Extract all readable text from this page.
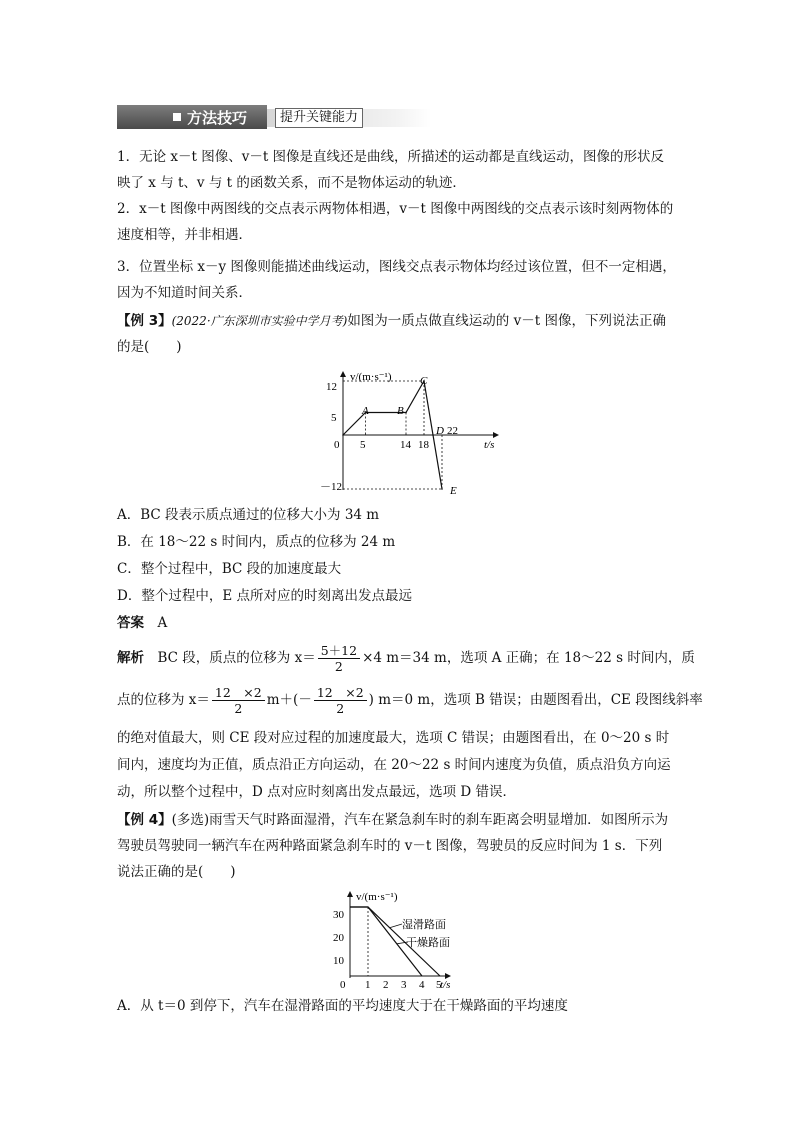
方法技巧	提升关键能力
1．无论 x－t 图像、v－t 图像是直线还是曲线，所描述的运动都是直线运动，图像的形状反
映了 x 与 t、v 与 t 的函数关系，而不是物体运动的轨迹．
2．x－t 图像中两图线的交点表示两物体相遇，v－t 图像中两图线的交点表示该时刻两物体的
速度相等，并非相遇．
3．位置坐标 x－y 图像则能描述曲线运动，图线交点表示物体均经过该位置，但不一定相遇，
因为不知道时间关系．
【例 3】(2022·广东深圳市实验中学月考)如图为一质点做直线运动的 v－t 图像，下列说法正确
的是(　　)
v/(m·s⁻¹)
t/s
12
5
0
－12
5	14 18
22
A	B
C
D
E
A．BC 段表示质点通过的位移大小为 34 m
B．在 18～22 s 时间内，质点的位移为 24 m
C．整个过程中，BC 段的加速度最大
D．整个过程中，E 点所对应的时刻离出发点最远
答案　 A
解析　 BC 段，质点的位移为 $x= \frac{5+12}{2} \times 4$ m＝34 m，选项 A 正确；在 18～22 s 时间内，质
点的位移为 $x= \frac{12 \times 2}{2} m+(- \frac{12 \times 2}{2}$ ) m＝0 m，选项 B 错误；由题图看出，CE 段图线斜率
的绝对值最大，则 CE 段对应过程的加速度最大，选项 C 错误；由题图看出，在 0～20 s 时
间内，速度均为正值，质点沿正方向运动，在 20～22 s 时间内速度为负值，质点沿负方向运
动，所以整个过程中，D 点对应时刻离出发点最远，选项 D 错误．
【例 4】(多选)雨雪天气时路面湿滑，汽车在紧急刹车时的刹车距离会明显增加．如图所示为
驾驶员驾驶同一辆汽车在两种路面紧急刹车时的 v－t 图像，驾驶员的反应时间为 1 s．下列
说法正确的是(　　)
v/(m·s⁻¹)
t/s
30
20
10
0 1 2 3 4 5
湿滑路面
干燥路面
A．从 t＝0 到停下，汽车在湿滑路面的平均速度大于在干燥路面的平均速度
